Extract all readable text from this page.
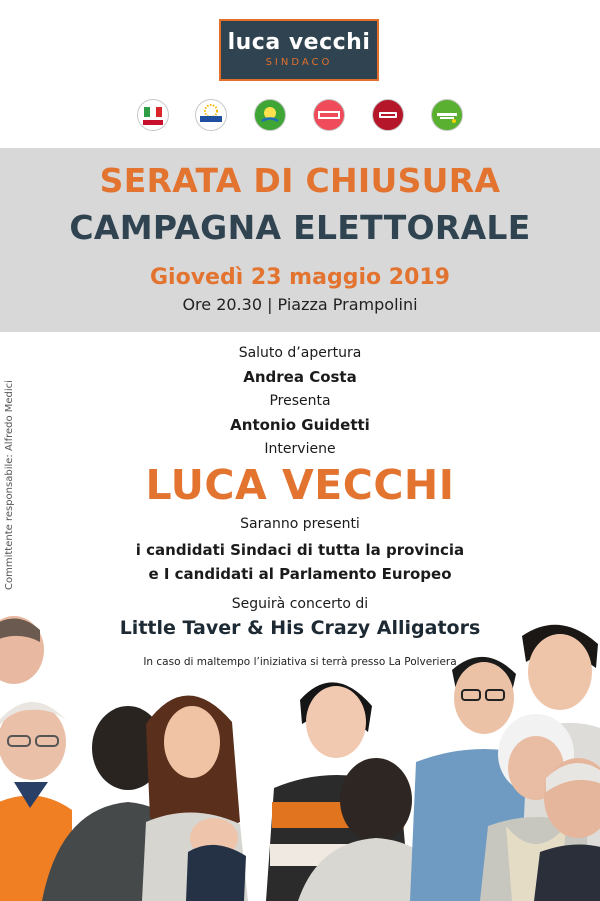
luca vecchi
SINDACO
SERATA DI CHIUSURA
CAMPAGNA ELETTORALE
Giovedì 23 maggio 2019
Ore 20.30 | Piazza Prampolini
Committente responsabile: Alfredo Medici
Saluto d’apertura
Andrea Costa
Presenta
Antonio Guidetti
Interviene
LUCA VECCHI
Saranno presenti
i candidati Sindaci di tutta la provincia
e I candidati al Parlamento Europeo
Seguirà concerto di
Little Taver & His Crazy Alligators
In caso di maltempo l’iniziativa si terrà presso La Polveriera
